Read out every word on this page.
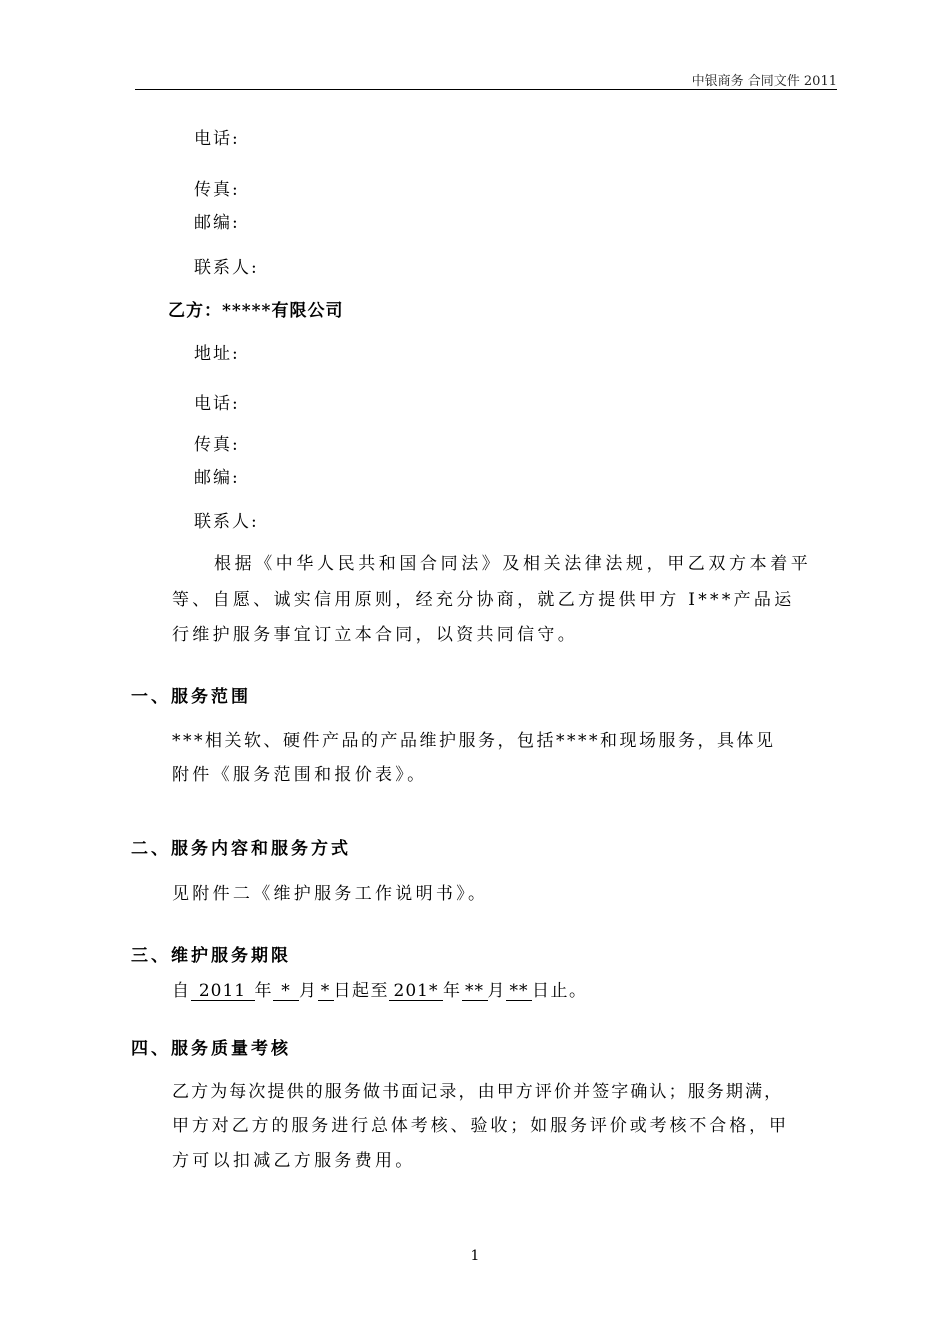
中银商务 合同文件 2011
电话:
传真:
邮编:
联系人:
乙方：*****有限公司
地址:
电话:
传真:
邮编:
联系人:
根据《中华人民共和国合同法》及相关法律法规，甲乙双方本着平
等、自愿、诚实信用原则，经充分协商，就乙方提供甲方 I***产品运
行维护服务事宜订立本合同，以资共同信守。
一、服务范围
***相关软、硬件产品的产品维护服务，包括****和现场服务，具体见
附件《服务范围和报价表》。
二、服务内容和服务方式
见附件二《维护服务工作说明书》。
三、维护服务期限
自 2011 年 * 月 * 日起至 201* 年 ** 月 ** 日止。
四、服务质量考核
乙方为每次提供的服务做书面记录，由甲方评价并签字确认；服务期满，
甲方对乙方的服务进行总体考核、验收；如服务评价或考核不合格，甲
方可以扣减乙方服务费用。
1
